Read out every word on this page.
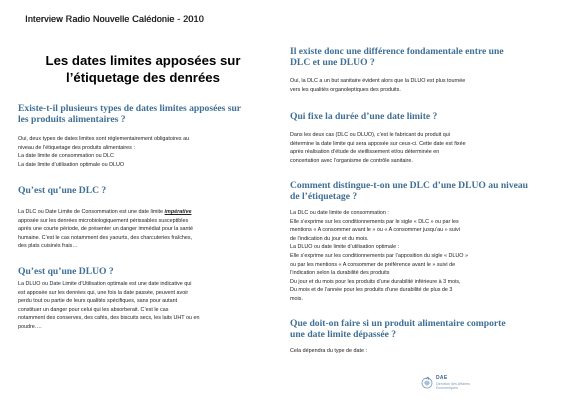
Interview Radio Nouvelle Calédonie - 2010
Les dates limites apposées sur
l’étiquetage des denrées
Existe-t-il plusieurs types de dates limites apposées sur
les produits alimentaires ?
Oui, deux types de dates limites sont réglementairement obligatoires au
niveau de l’étiquetage des produits alimentaires :
La date limite de consommation ou DLC
La date limite d’utilisation optimale ou DLUO
Qu’est qu’une DLC ?
La DLC ou Date Limite de Consommation est une date limite impérative
apposée sur les denrées microbiologiquement périssables susceptibles
après une courte période, de présenter un danger immédiat pour la santé
humaine. C’est le cas notamment des yaourts, des charcuteries fraîches,
des plats cuisinés frais…
Qu’est qu’une DLUO ?
La DLUO ou Date Limite d’Utilisation optimale est une date indicative qui
est apposée sur les denrées qui, une fois la date passée, peuvent avoir
perdu tout ou partie de leurs qualités spécifiques, sans pour autant
constituer un danger pour celui qui les absorberait. C’est le cas
notamment des conserves, des cafés, des biscuits secs, les laits UHT ou en
poudre….
Il existe donc une différence fondamentale entre une
DLC et une DLUO ?
Oui, la DLC a un but sanitaire évident alors que la DLUO est plus tournée
vers les qualités organoleptiques des produits.
Qui fixe la durée d’une date limite ?
Dans les deux cas (DLC ou DLUO), c’est le fabricant du produit qui
détermine la date limite qui sera apposée sur ceux-ci. Cette date est fixée
après réalisation d’étude de vieillissement et/ou déterminée en
concertation avec l’organisme de contrôle sanitaire.
Comment distingue-t-on une DLC d’une DLUO au niveau
de l’étiquetage ?
La DLC ou date limite de consommation :
Elle s’exprime sur les conditionnements par le sigle « DLC » ou par les
mentions « A consommer avant le » ou « A consommer jusqu’au » suivi
de l’indication du jour et du mois.
La DLUO ou date limite d’utilisation optimale :
Elle s’exprime sur les conditionnements par l’apposition du sigle « DLUO »
ou par les mentions « A consommer de préférence avant le » suivi de
l’indication selon la durabilité des produits
Du jour et du mois pour les produits d’une durabilité inférieure à 3 mois,
Du mois et de l’année pour les produits d’une durabilité de plus de 3
mois.
Que doit-on faire si un produit alimentaire comporte
une date limite dépassée ?
Cela dépendra du type de date :
DAE
Direction des Affaires Economiques
